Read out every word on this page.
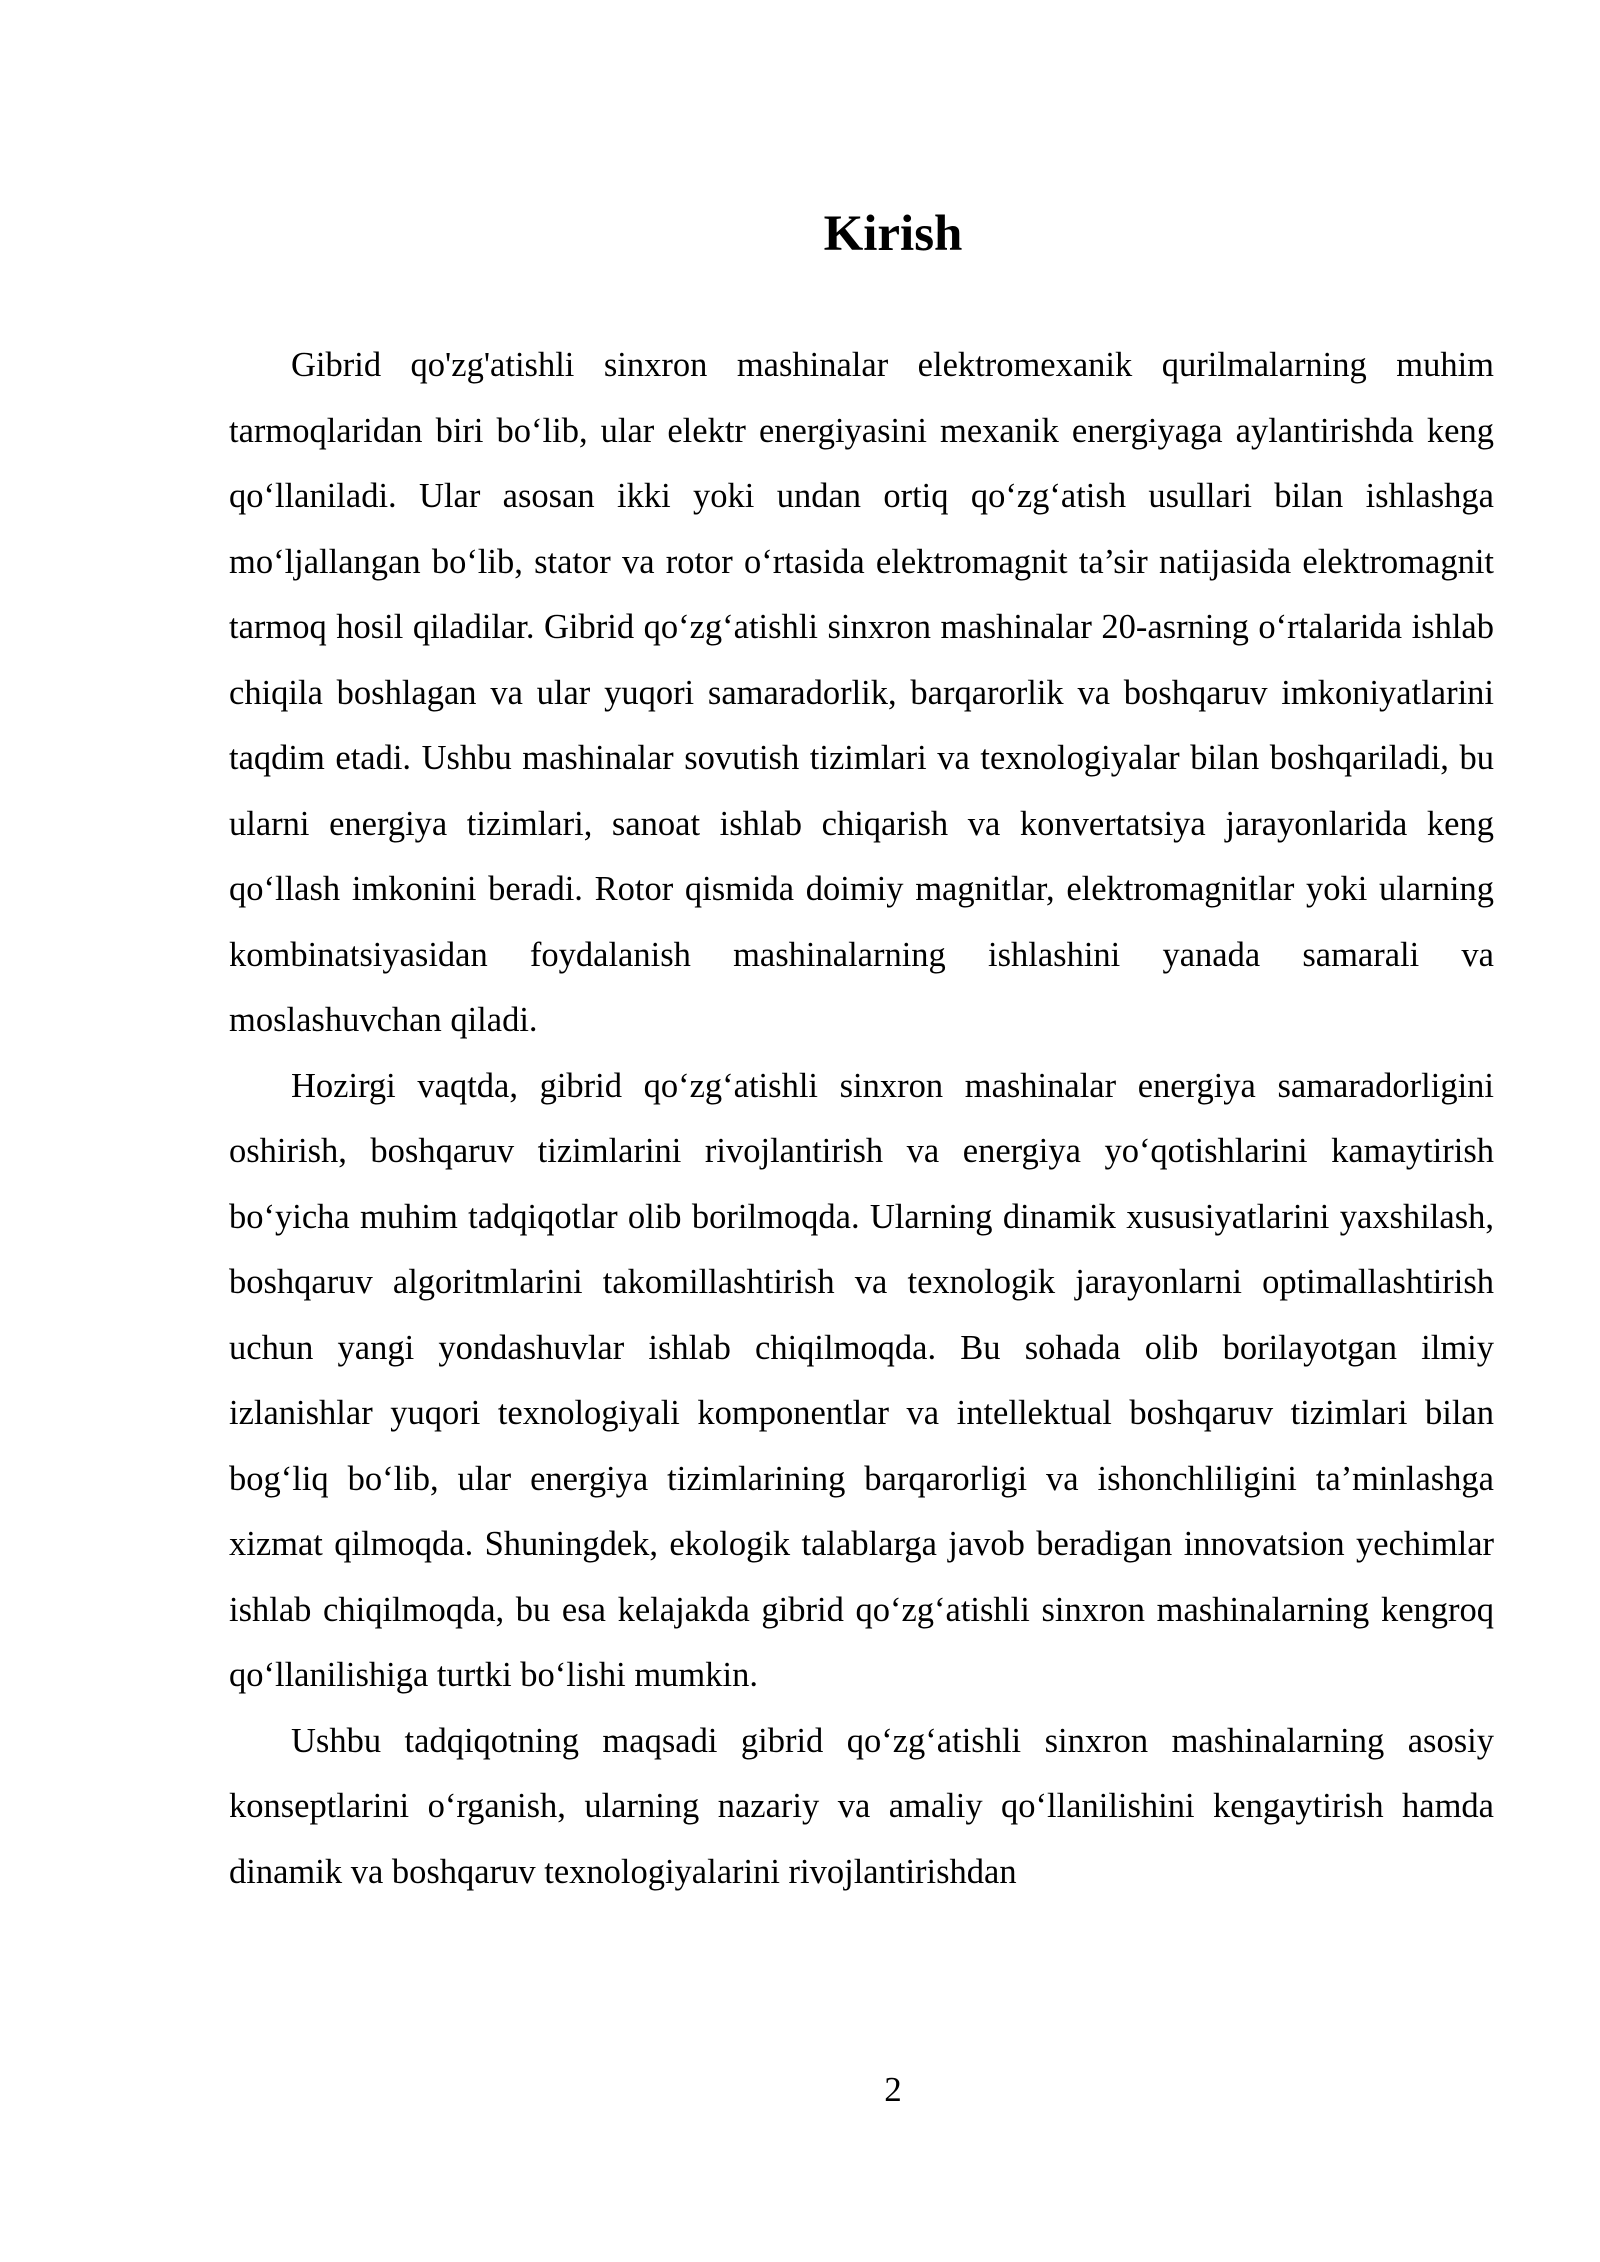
Kirish

Gibrid qo'zg'atishli sinxron mashinalar elektromexanik qurilmalarning muhim tarmoqlaridan biri bo‘lib, ular elektr energiyasini mexanik energiyaga aylantirishda keng qo‘llaniladi. Ular asosan ikki yoki undan ortiq qo‘zg‘atish usullari bilan ishlashga mo‘ljallangan bo‘lib, stator va rotor o‘rtasida elektromagnit ta’sir natijasida elektromagnit tarmoq hosil qiladilar. Gibrid qo‘zg‘atishli sinxron mashinalar 20-asrning o‘rtalarida ishlab chiqila boshlagan va ular yuqori samaradorlik, barqarorlik va boshqaruv imkoniyatlarini taqdim etadi. Ushbu mashinalar sovutish tizimlari va texnologiyalar bilan boshqariladi, bu ularni energiya tizimlari, sanoat ishlab chiqarish va konvertatsiya jarayonlarida keng qo‘llash imkonini beradi. Rotor qismida doimiy magnitlar, elektromagnitlar yoki ularning kombinatsiyasidan foydalanish mashinalarning ishlashini yanada samarali va moslashuvchan qiladi.

Hozirgi vaqtda, gibrid qo‘zg‘atishli sinxron mashinalar energiya samaradorligini oshirish, boshqaruv tizimlarini rivojlantirish va energiya yo‘qotishlarini kamaytirish bo‘yicha muhim tadqiqotlar olib borilmoqda. Ularning dinamik xususiyatlarini yaxshilash, boshqaruv algoritmlarini takomillashtirish va texnologik jarayonlarni optimallashtirish uchun yangi yondashuvlar ishlab chiqilmoqda. Bu sohada olib borilayotgan ilmiy izlanishlar yuqori texnologiyali komponentlar va intellektual boshqaruv tizimlari bilan bog‘liq bo‘lib, ular energiya tizimlarining barqarorligi va ishonchliligini ta’minlashga xizmat qilmoqda. Shuningdek, ekologik talablarga javob beradigan innovatsion yechimlar ishlab chiqilmoqda, bu esa kelajakda gibrid qo‘zg‘atishli sinxron mashinalarning kengroq qo‘llanilishiga turtki bo‘lishi mumkin.

Ushbu tadqiqotning maqsadi gibrid qo‘zg‘atishli sinxron mashinalarning asosiy konseptlarini o‘rganish, ularning nazariy va amaliy qo‘llanilishini kengaytirish hamda dinamik va boshqaruv texnologiyalarini rivojlantirishdan

2
